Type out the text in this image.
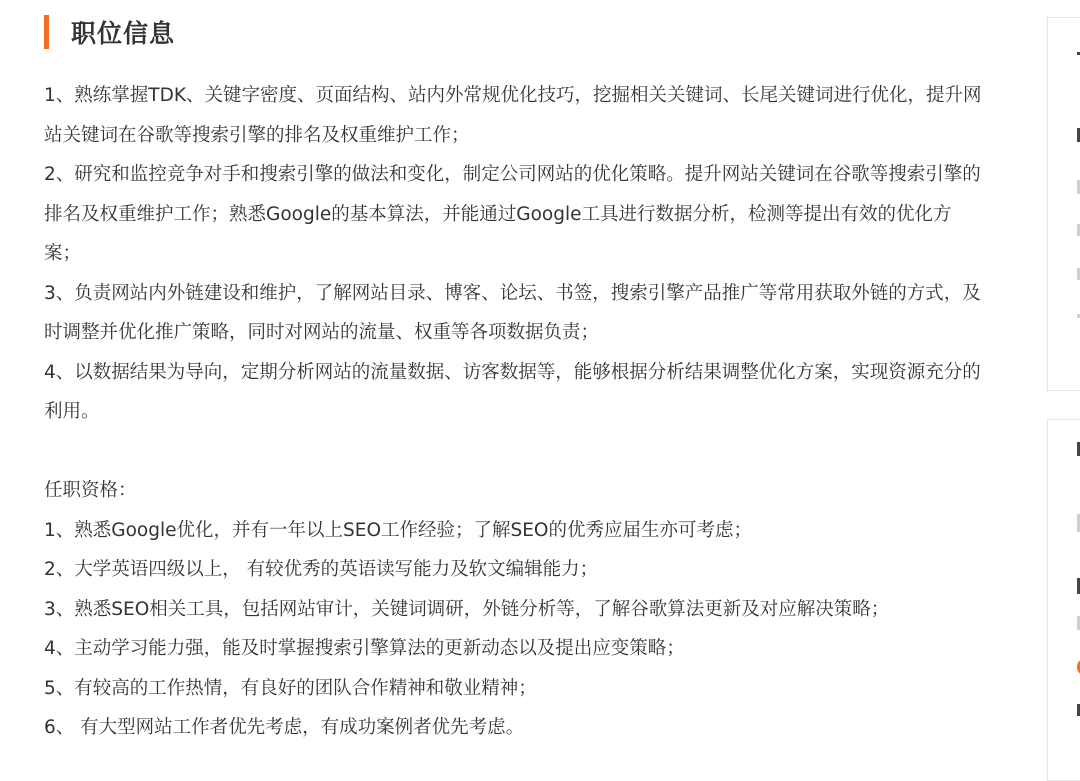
职位信息

1、熟练掌握TDK、关键字密度、页面结构、站内外常规优化技巧，挖掘相关关键词、长尾关键词进行优化，提升网站关键词在谷歌等搜索引擎的排名及权重维护工作；

2、研究和监控竞争对手和搜索引擎的做法和变化，制定公司网站的优化策略。提升网站关键词在谷歌等搜索引擎的排名及权重维护工作；熟悉Google的基本算法，并能通过Google工具进行数据分析，检测等提出有效的优化方案；

3、负责网站内外链建设和维护，了解网站目录、博客、论坛、书签，搜索引擎产品推广等常用获取外链的方式，及时调整并优化推广策略，同时对网站的流量、权重等各项数据负责；

4、以数据结果为导向，定期分析网站的流量数据、访客数据等，能够根据分析结果调整优化方案，实现资源充分的利用。

任职资格：

1、熟悉Google优化，并有一年以上SEO工作经验；了解SEO的优秀应届生亦可考虑；

2、大学英语四级以上， 有较优秀的英语读写能力及软文编辑能力；

3、熟悉SEO相关工具，包括网站审计，关键词调研，外链分析等，了解谷歌算法更新及对应解决策略；

4、主动学习能力强，能及时掌握搜索引擎算法的更新动态以及提出应变策略；

5、有较高的工作热情，有良好的团队合作精神和敬业精神；

6、 有大型网站工作者优先考虑，有成功案例者优先考虑。
